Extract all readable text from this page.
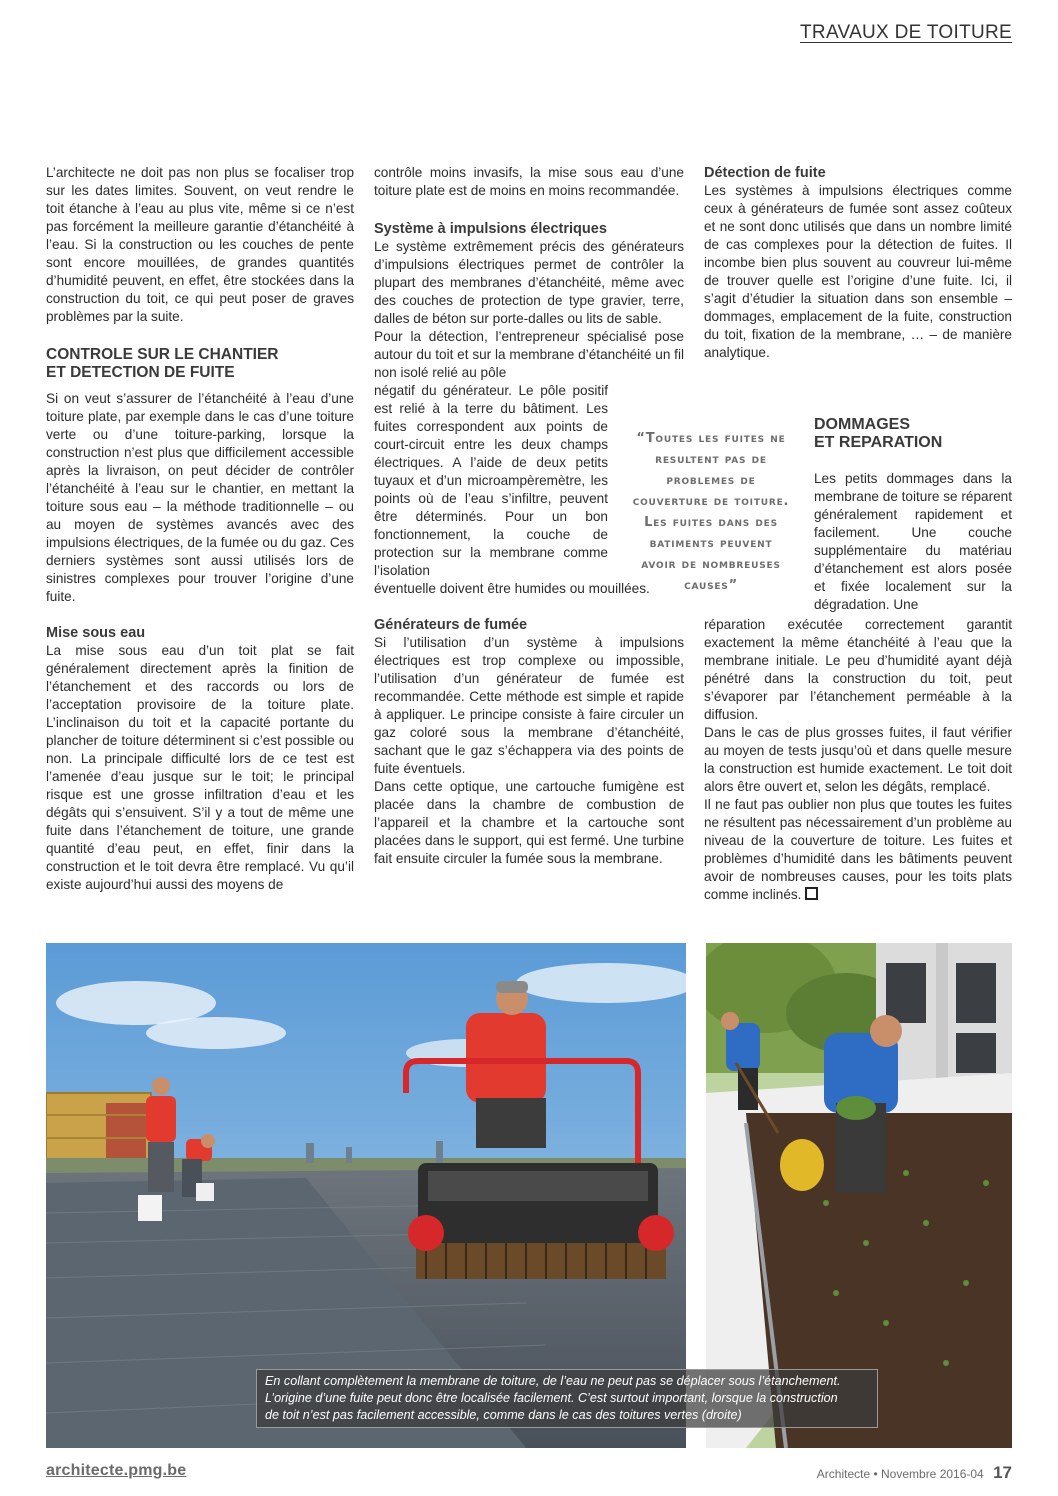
TRAVAUX DE TOITURE

L’architecte ne doit pas non plus se focaliser trop sur les dates limites. Souvent, on veut rendre le toit étanche à l’eau au plus vite, même si ce n’est pas forcément la meilleure garantie d’étanchéité à l’eau. Si la construction ou les couches de pente sont encore mouillées, de grandes quantités d’humidité peuvent, en effet, être stockées dans la construction du toit, ce qui peut poser de graves problèmes par la suite.

CONTROLE SUR LE CHANTIER
ET DETECTION DE FUITE

Si on veut s’assurer de l’étanchéité à l’eau d’une toiture plate, par exemple dans le cas d’une toiture verte ou d’une toiture-parking, lorsque la construction n’est plus que difficilement accessible après la livraison, on peut décider de contrôler l’étanchéité à l’eau sur le chantier, en mettant la toiture sous eau – la méthode traditionnelle – ou au moyen de systèmes avancés avec des impulsions électriques, de la fumée ou du gaz. Ces derniers systèmes sont aussi utilisés lors de sinistres complexes pour trouver l’origine d’une fuite.

Mise sous eau

La mise sous eau d’un toit plat se fait généralement directement après la finition de l’étanchement et des raccords ou lors de l’acceptation provisoire de la toiture plate. L’inclinaison du toit et la capacité portante du plancher de toiture déterminent si c’est possible ou non. La principale difficulté lors de ce test est l’amenée d’eau jusque sur le toit; le principal risque est une grosse infiltration d’eau et les dégâts qui s’ensuivent. S’il y a tout de même une fuite dans l’étanchement de toiture, une grande quantité d’eau peut, en effet, finir dans la construction et le toit devra être remplacé. Vu qu’il existe aujourd’hui aussi des moyens de

contrôle moins invasifs, la mise sous eau d’une toiture plate est de moins en moins recommandée.

Système à impulsions électriques

Le système extrêmement précis des générateurs d’impulsions électriques permet de contrôler la plupart des membranes d’étanchéité, même avec des couches de protection de type gravier, terre, dalles de béton sur porte-dalles ou lits de sable.

Pour la détection, l’entrepreneur spécialisé pose autour du toit et sur la membrane d’étanchéité un fil non isolé relié au pôle

négatif du générateur. Le pôle positif est relié à la terre du bâtiment. Les fuites correspondent aux points de court-circuit entre les deux champs électriques. A l’aide de deux petits tuyaux et d’un microampèremètre, les points où de l’eau s’infiltre, peuvent être déterminés. Pour un bon fonctionnement, la couche de protection sur la membrane comme l’isolation

éventuelle doivent être humides ou mouillées.

Générateurs de fumée

Si l’utilisation d’un système à impulsions électriques est trop complexe ou impossible, l’utilisation d’un générateur de fumée est recommandée. Cette méthode est simple et rapide à appliquer. Le principe consiste à faire circuler un gaz coloré sous la membrane d’étanchéité, sachant que le gaz s’échappera via des points de fuite éventuels.

Dans cette optique, une cartouche fumigène est placée dans la chambre de combustion de l’appareil et la chambre et la cartouche sont placées dans le support, qui est fermé. Une turbine fait ensuite circuler la fumée sous la membrane.

“Toutes les fuites ne
resultent pas de
problemes de
couverture de toiture.
Les fuites dans des
batiments peuvent
avoir de nombreuses
causes”
Détection de fuite

Les systèmes à impulsions électriques comme ceux à générateurs de fumée sont assez coûteux et ne sont donc utilisés que dans un nombre limité de cas complexes pour la détection de fuites. Il incombe bien plus souvent au couvreur lui-même de trouver quelle est l’origine d’une fuite. Ici, il s’agit d’étudier la situation dans son ensemble – dommages, emplacement de la fuite, construction du toit, fixation de la membrane, … – de manière analytique.

DOMMAGES
ET REPARATION

Les petits dommages dans la membrane de toiture se réparent généralement rapidement et facilement. Une couche supplémentaire du matériau d’étanchement est alors posée et fixée localement sur la dégradation. Une

réparation exécutée correctement garantit exactement la même étanchéité à l’eau que la membrane initiale. Le peu d’humidité ayant déjà pénétré dans la construction du toit, peut s’évaporer par l’étanchement perméable à la diffusion.

Dans le cas de plus grosses fuites, il faut vérifier au moyen de tests jusqu’où et dans quelle mesure la construction est humide exactement. Le toit doit alors être ouvert et, selon les dégâts, remplacé.

Il ne faut pas oublier non plus que toutes les fuites ne résultent pas nécessairement d’un problème au niveau de la couverture de toiture. Les fuites et problèmes d’humidité dans les bâtiments peuvent avoir de nombreuses causes, pour les toits plats comme inclinés.

En collant complètement la membrane de toiture, de l’eau ne peut pas se déplacer sous l’étanchement.
L’origine d’une fuite peut donc être localisée facilement. C’est surtout important, lorsque la construction
de toit n’est pas facilement accessible, comme dans le cas des toitures vertes (droite)
architecte.pmg.be	Architecte • Novembre 2016-04 17
